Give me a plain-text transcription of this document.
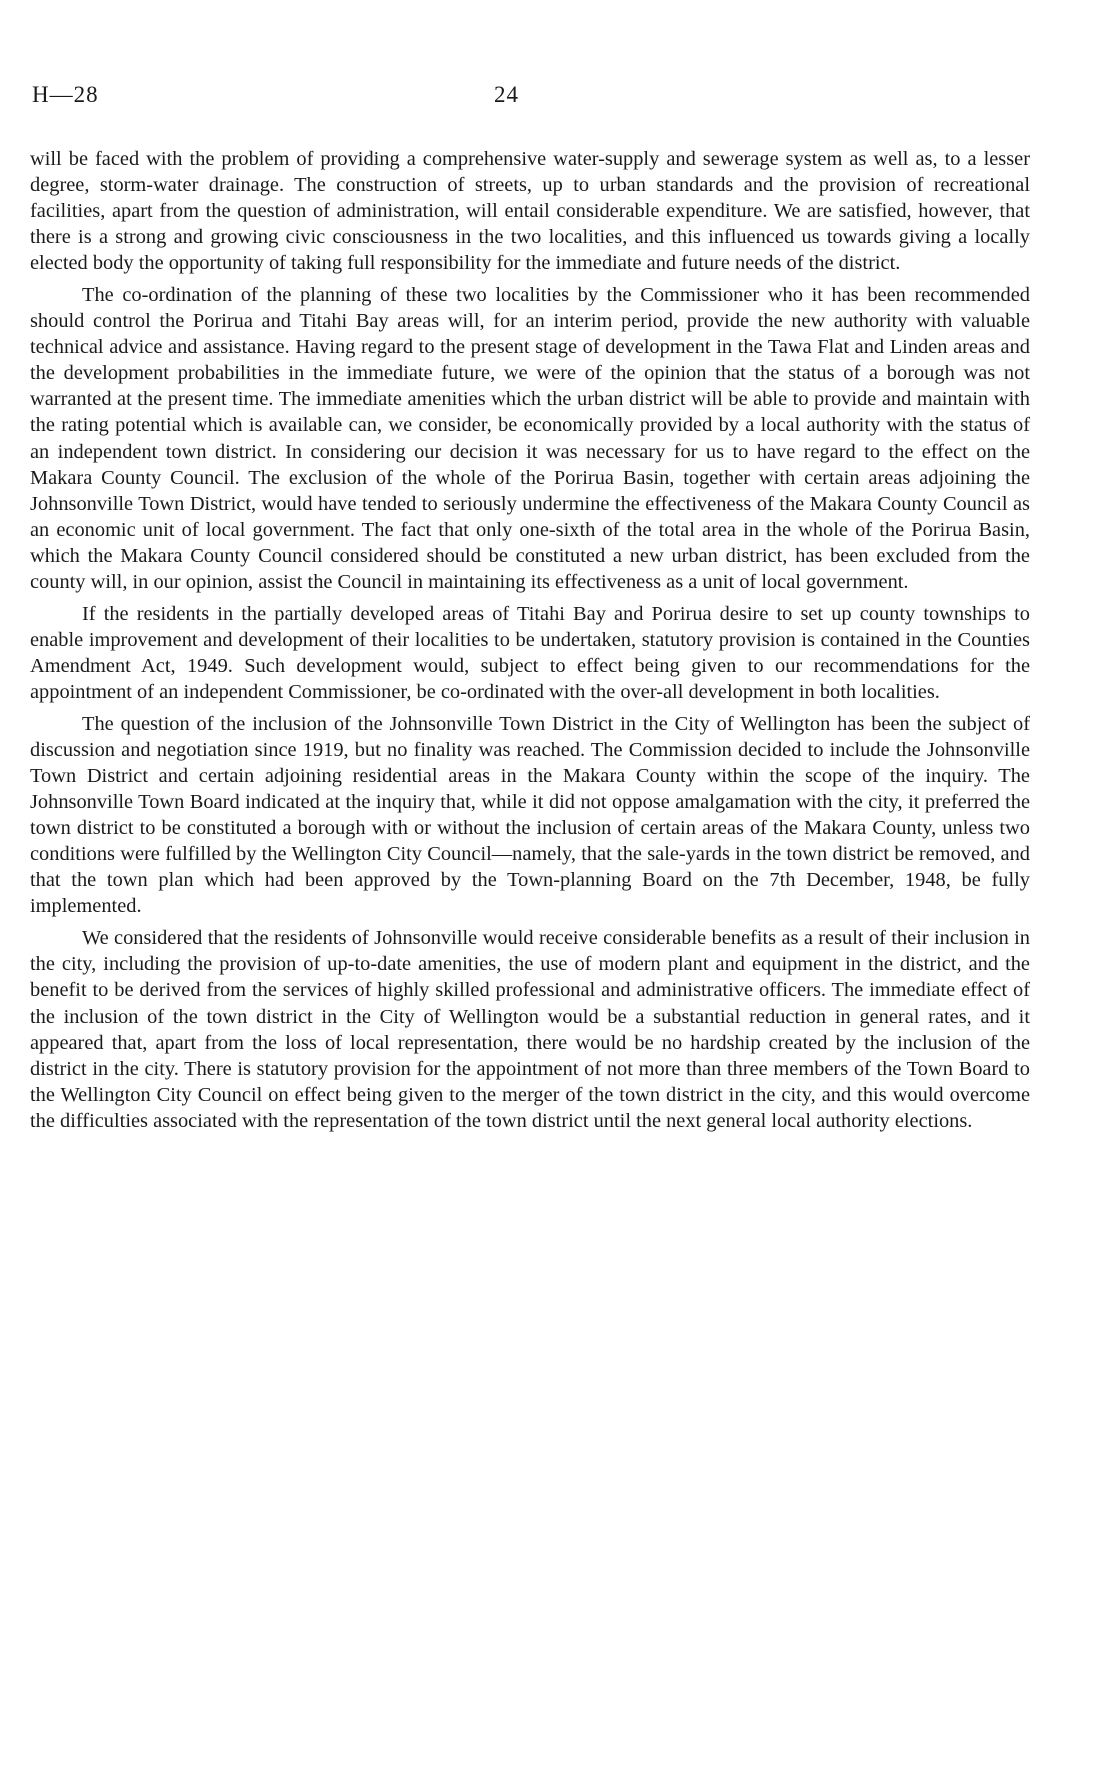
H—28	24

will be faced with the problem of providing a comprehensive water-supply and sewerage system as well as, to a lesser degree, storm-water drainage. The construction of streets, up to urban standards and the provision of recreational facilities, apart from the question of administration, will entail considerable expenditure. We are satisfied, however, that there is a strong and growing civic consciousness in the two localities, and this influenced us towards giving a locally elected body the opportunity of taking full responsibility for the immediate and future needs of the district.

The co-ordination of the planning of these two localities by the Commissioner who it has been recommended should control the Porirua and Titahi Bay areas will, for an interim period, provide the new authority with valuable technical advice and assistance. Having regard to the present stage of development in the Tawa Flat and Linden areas and the development probabilities in the immediate future, we were of the opinion that the status of a borough was not warranted at the present time. The immediate amenities which the urban district will be able to provide and maintain with the rating potential which is available can, we consider, be economically provided by a local authority with the status of an independent town district. In considering our decision it was necessary for us to have regard to the effect on the Makara County Council. The exclusion of the whole of the Porirua Basin, together with certain areas adjoining the Johnsonville Town District, would have tended to seriously undermine the effectiveness of the Makara County Council as an economic unit of local government. The fact that only one-sixth of the total area in the whole of the Porirua Basin, which the Makara County Council considered should be constituted a new urban district, has been excluded from the county will, in our opinion, assist the Council in maintaining its effectiveness as a unit of local government.

If the residents in the partially developed areas of Titahi Bay and Porirua desire to set up county townships to enable improvement and development of their localities to be undertaken, statutory provision is contained in the Counties Amendment Act, 1949. Such development would, subject to effect being given to our recommendations for the appointment of an independent Commissioner, be co-ordinated with the over-all development in both localities.

The question of the inclusion of the Johnsonville Town District in the City of Wellington has been the subject of discussion and negotiation since 1919, but no finality was reached. The Commission decided to include the Johnsonville Town District and certain adjoining residential areas in the Makara County within the scope of the inquiry. The Johnsonville Town Board indicated at the inquiry that, while it did not oppose amalgamation with the city, it preferred the town district to be constituted a borough with or without the inclusion of certain areas of the Makara County, unless two conditions were fulfilled by the Wellington City Council—namely, that the sale-yards in the town district be removed, and that the town plan which had been approved by the Town-planning Board on the 7th December, 1948, be fully implemented.

We considered that the residents of Johnsonville would receive considerable benefits as a result of their inclusion in the city, including the provision of up-to-date amenities, the use of modern plant and equipment in the district, and the benefit to be derived from the services of highly skilled professional and administrative officers. The immediate effect of the inclusion of the town district in the City of Wellington would be a substantial reduction in general rates, and it appeared that, apart from the loss of local representation, there would be no hardship created by the inclusion of the district in the city. There is statutory provision for the appointment of not more than three members of the Town Board to the Wellington City Council on effect being given to the merger of the town district in the city, and this would overcome the difficulties associated with the representation of the town district until the next general local authority elections.
